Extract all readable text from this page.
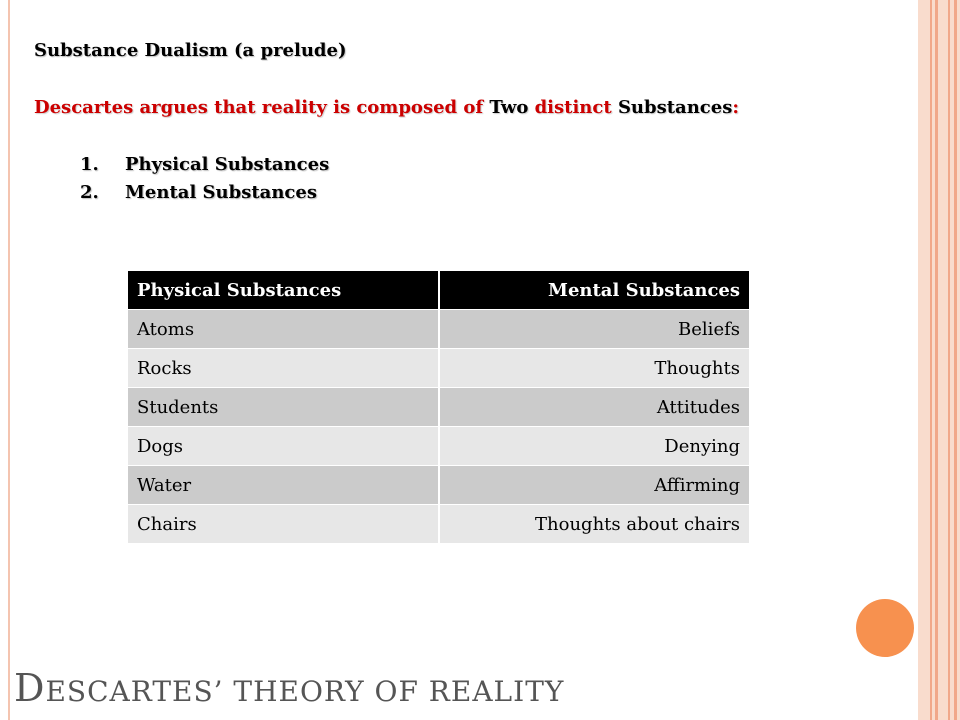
Substance Dualism (a prelude)
Descartes argues that reality is composed of Two distinct Substances:
1.	Physical Substances
2.	Mental Substances
Physical Substances	Mental Substances
Atoms	Beliefs
Rocks	Thoughts
Students	Attitudes
Dogs	Denying
Water	Affirming
Chairs	Thoughts about chairs
DESCARTES’ THEORY OF REALITY
